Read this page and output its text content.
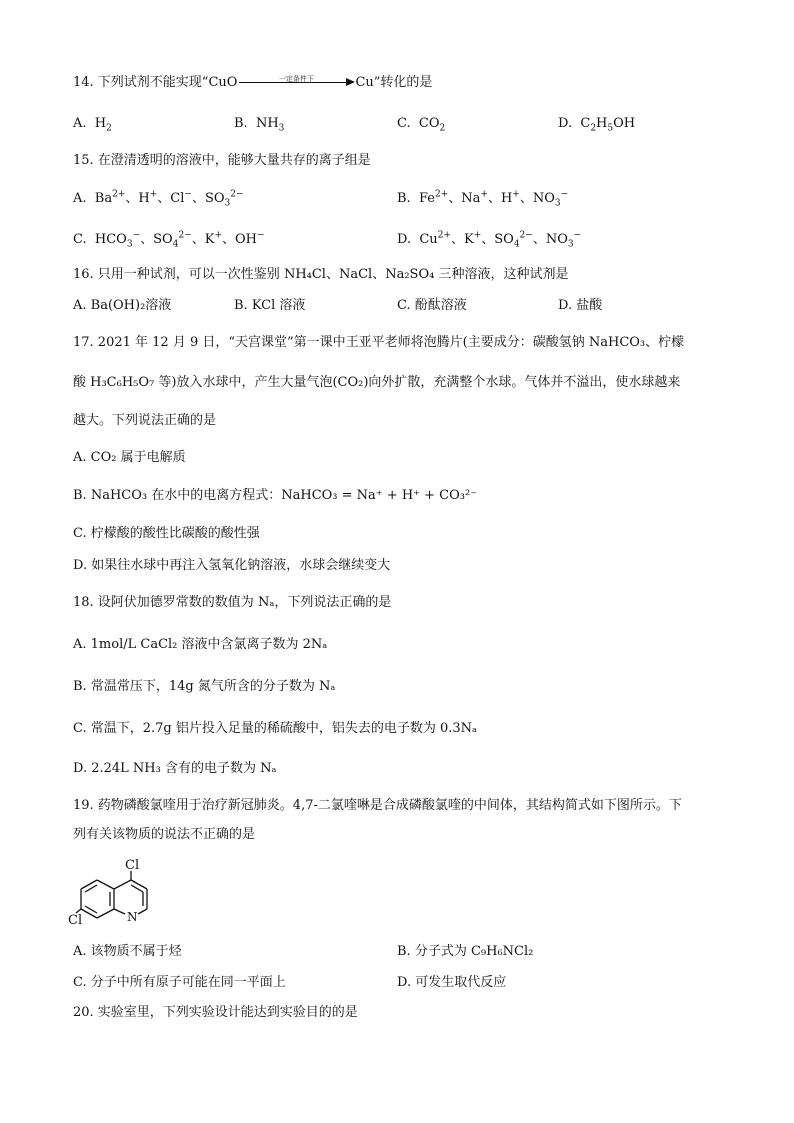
14. 下列试剂不能实现“CuO	一定条件下	Cu”转化的是
A. $H_2$	B. $NH_3$	C. $CO_2$	D. $C_2H_5OH$
15. 在澄清透明的溶液中，能够大量共存的离子组是
A. $Ba^{2+}$、H+、Cl−、$SO_3^{2-}$	B. $Fe^{2+}$、Na+、H+、$NO_3^-$
C. $HCO_3^-$、$SO_4^{2-}$、K+、OH−	D. $Cu^{2+}$、K+、$SO_4^{2-}$、$NO_3^-$
16. 只用一种试剂，可以一次性鉴别 NH₄Cl、NaCl、Na₂SO₄ 三种溶液，这种试剂是
A. Ba(OH)₂溶液	B. KCl 溶液	C. 酚酞溶液	D. 盐酸
17. 2021 年 12 月 9 日，“天宫课堂”第一课中王亚平老师将泡腾片(主要成分：碳酸氢钠 NaHCO₃、柠檬
酸 H₃C₆H₅O₇ 等)放入水球中，产生大量气泡(CO₂)向外扩散，充满整个水球。气体并不溢出，使水球越来
越大。下列说法正确的是
A. CO₂ 属于电解质
B. NaHCO₃ 在水中的电离方程式：NaHCO₃ = Na⁺ + H⁺ + CO₃²⁻
C. 柠檬酸的酸性比碳酸的酸性强
D. 如果往水球中再注入氢氧化钠溶液，水球会继续变大
18. 设阿伏加德罗常数的数值为 Nₐ，下列说法正确的是
A. 1mol/L CaCl₂ 溶液中含氯离子数为 2Nₐ
B. 常温常压下，14g 氮气所含的分子数为 Nₐ
C. 常温下，2.7g 铝片投入足量的稀硫酸中，铝失去的电子数为 0.3Nₐ
D. 2.24L NH₃ 含有的电子数为 Nₐ
19. 药物磷酸氯喹用于治疗新冠肺炎。4,7-二氯喹啉是合成磷酸氯喹的中间体，其结构简式如下图所示。下
列有关该物质的说法不正确的是
Cl
Cl	N
A. 该物质不属于烃	B. 分子式为 C₉H₆NCl₂
C. 分子中所有原子可能在同一平面上	D. 可发生取代反应
20. 实验室里，下列实验设计能达到实验目的的是
